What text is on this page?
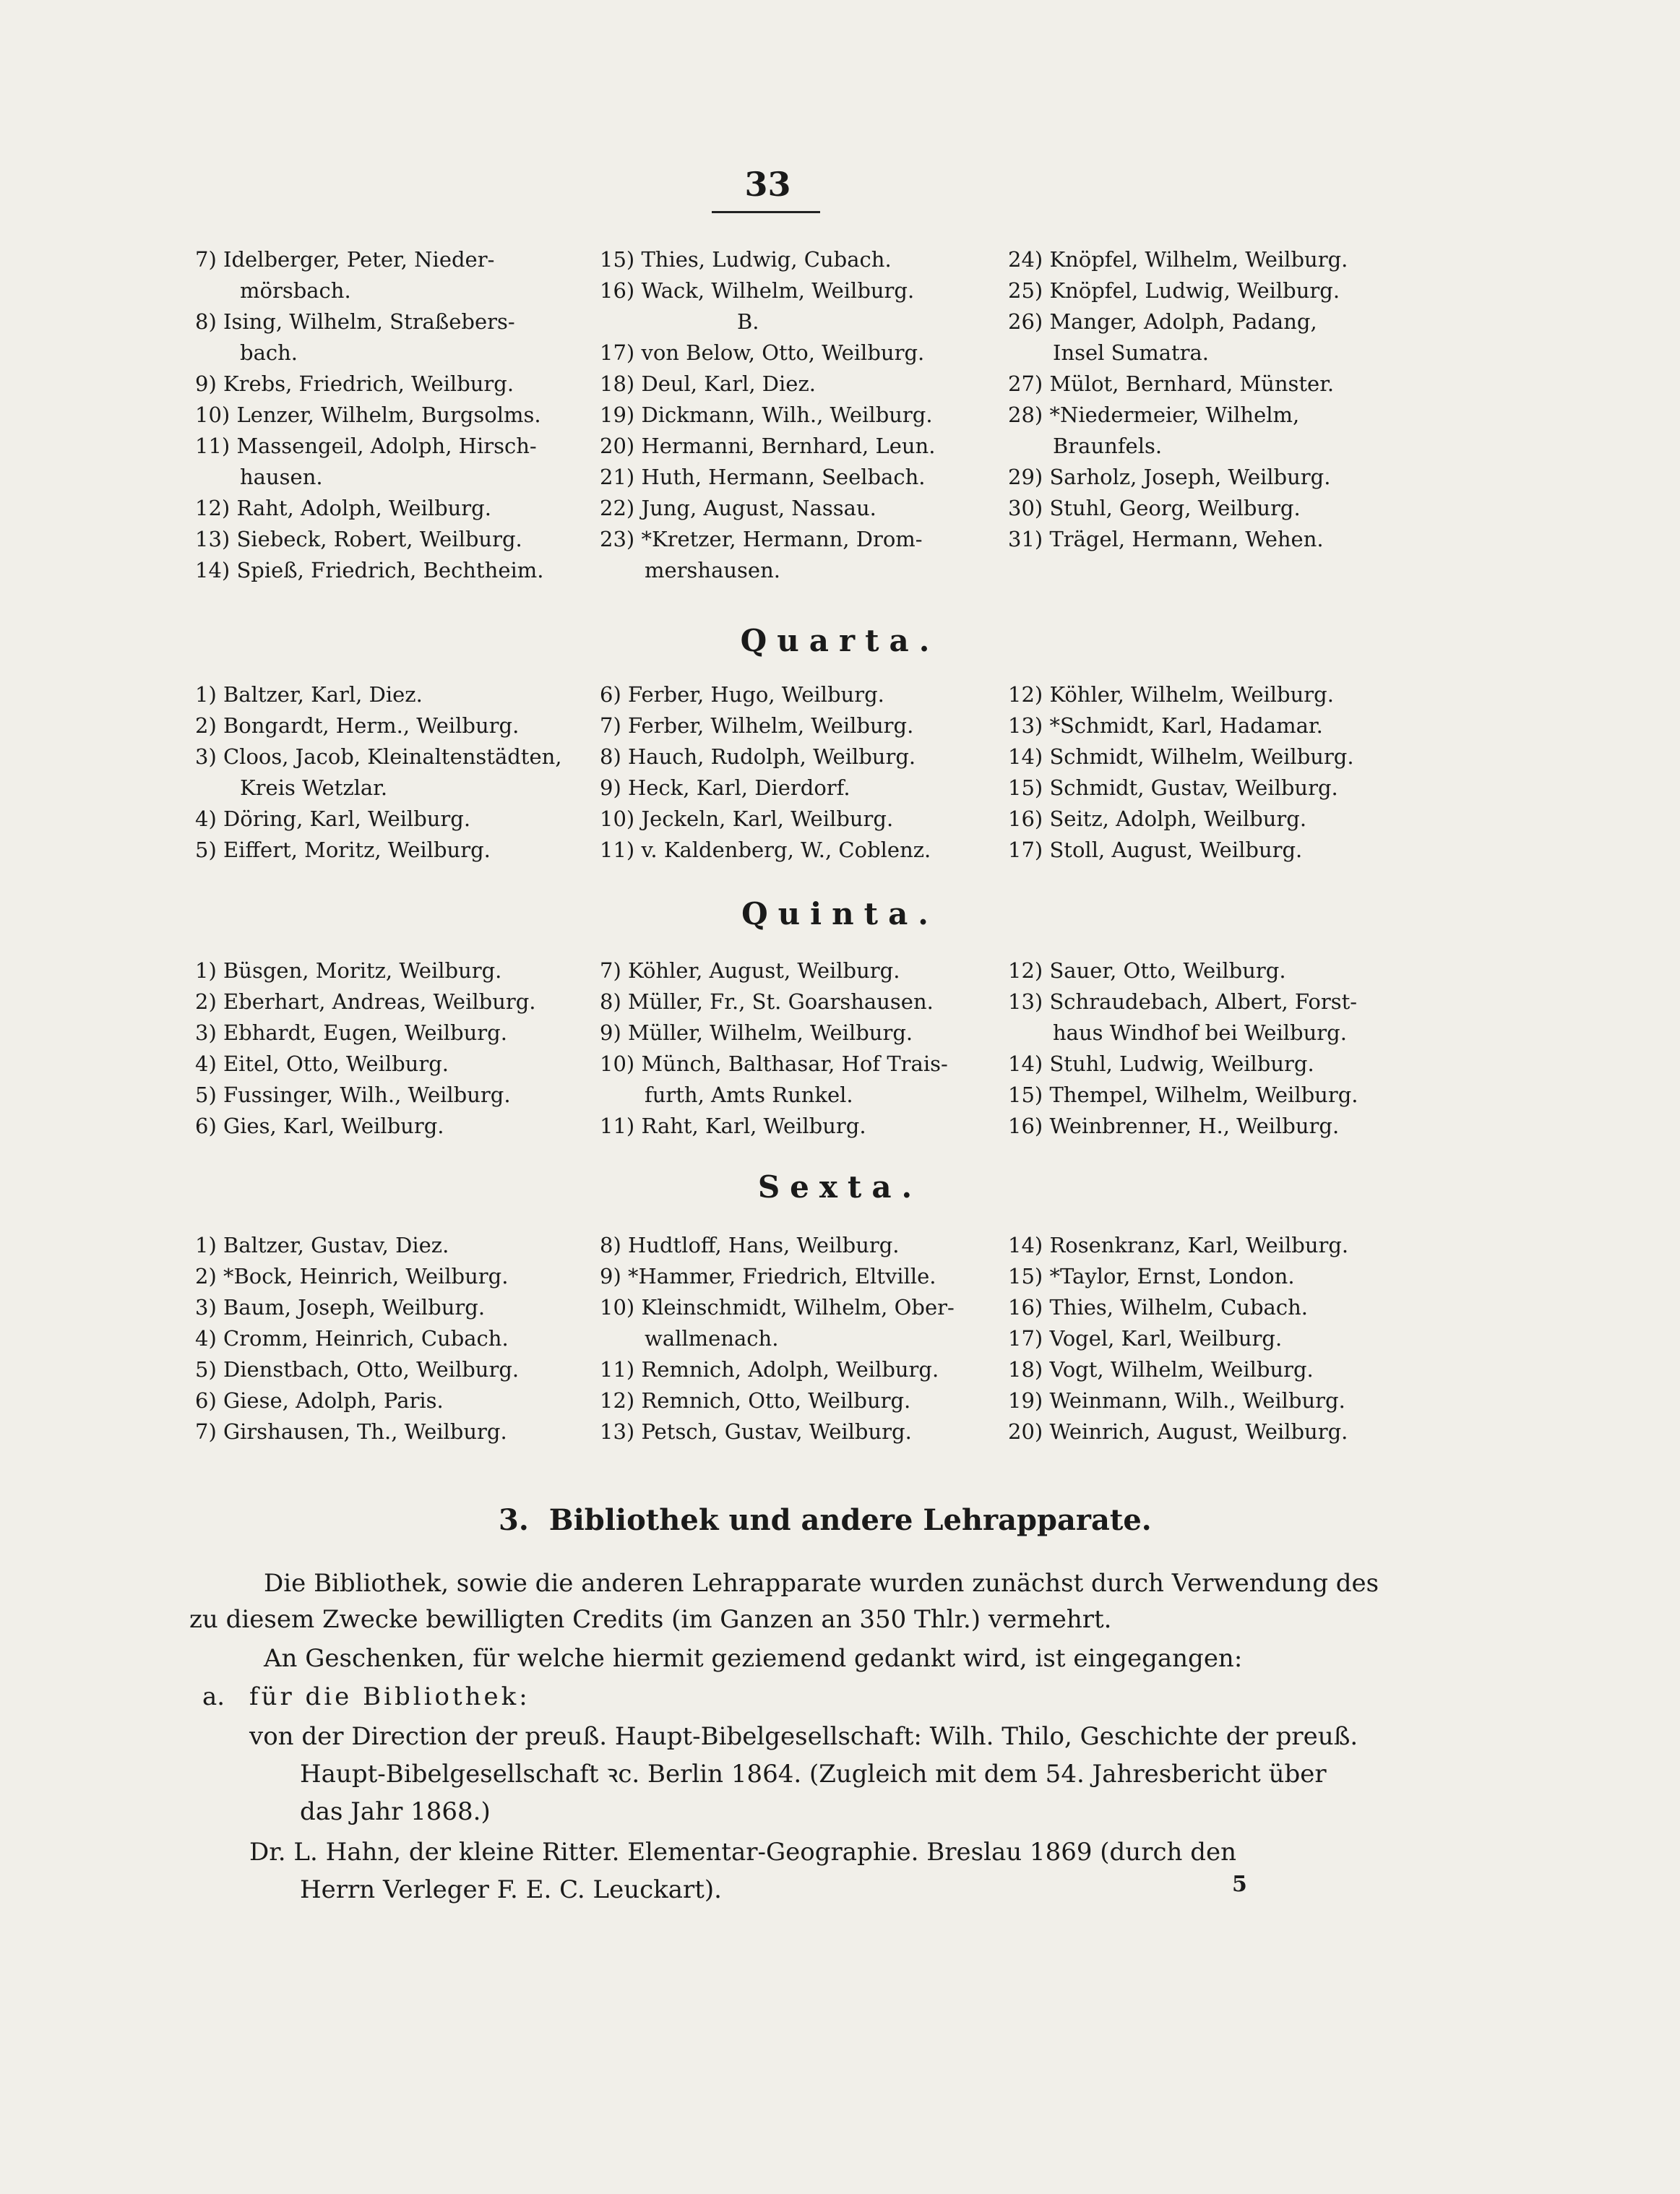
33
7) Idelberger, Peter, Nieder-
mörsbach.
8) Ising, Wilhelm, Straßebers-
bach.
9) Krebs, Friedrich, Weilburg.
10) Lenzer, Wilhelm, Burgsolms.
11) Massengeil, Adolph, Hirsch-
hausen.
12) Raht, Adolph, Weilburg.
13) Siebeck, Robert, Weilburg.
14) Spieß, Friedrich, Bechtheim.
15) Thies, Ludwig, Cubach.
16) Wack, Wilhelm, Weilburg.
B.
17) von Below, Otto, Weilburg.
18) Deul, Karl, Diez.
19) Dickmann, Wilh., Weilburg.
20) Hermanni, Bernhard, Leun.
21) Huth, Hermann, Seelbach.
22) Jung, August, Nassau.
23) *Kretzer, Hermann, Drom-
mershausen.
24) Knöpfel, Wilhelm, Weilburg.
25) Knöpfel, Ludwig, Weilburg.
26) Manger, Adolph, Padang,
Insel Sumatra.
27) Mülot, Bernhard, Münster.
28) *Niedermeier, Wilhelm,
Braunfels.
29) Sarholz, Joseph, Weilburg.
30) Stuhl, Georg, Weilburg.
31) Trägel, Hermann, Wehen.
Quarta.
1) Baltzer, Karl, Diez.
2) Bongardt, Herm., Weilburg.
3) Cloos, Jacob, Kleinaltenstädten,
Kreis Wetzlar.
4) Döring, Karl, Weilburg.
5) Eiffert, Moritz, Weilburg.
6) Ferber, Hugo, Weilburg.
7) Ferber, Wilhelm, Weilburg.
8) Hauch, Rudolph, Weilburg.
9) Heck, Karl, Dierdorf.
10) Jeckeln, Karl, Weilburg.
11) v. Kaldenberg, W., Coblenz.
12) Köhler, Wilhelm, Weilburg.
13) *Schmidt, Karl, Hadamar.
14) Schmidt, Wilhelm, Weilburg.
15) Schmidt, Gustav, Weilburg.
16) Seitz, Adolph, Weilburg.
17) Stoll, August, Weilburg.
Quinta.
1) Büsgen, Moritz, Weilburg.
2) Eberhart, Andreas, Weilburg.
3) Ebhardt, Eugen, Weilburg.
4) Eitel, Otto, Weilburg.
5) Fussinger, Wilh., Weilburg.
6) Gies, Karl, Weilburg.
7) Köhler, August, Weilburg.
8) Müller, Fr., St. Goarshausen.
9) Müller, Wilhelm, Weilburg.
10) Münch, Balthasar, Hof Trais-
furth, Amts Runkel.
11) Raht, Karl, Weilburg.
12) Sauer, Otto, Weilburg.
13) Schraudebach, Albert, Forst-
haus Windhof bei Weilburg.
14) Stuhl, Ludwig, Weilburg.
15) Thempel, Wilhelm, Weilburg.
16) Weinbrenner, H., Weilburg.
Sexta.
1) Baltzer, Gustav, Diez.
2) *Bock, Heinrich, Weilburg.
3) Baum, Joseph, Weilburg.
4) Cromm, Heinrich, Cubach.
5) Dienstbach, Otto, Weilburg.
6) Giese, Adolph, Paris.
7) Girshausen, Th., Weilburg.
8) Hudtloff, Hans, Weilburg.
9) *Hammer, Friedrich, Eltville.
10) Kleinschmidt, Wilhelm, Ober-
wallmenach.
11) Remnich, Adolph, Weilburg.
12) Remnich, Otto, Weilburg.
13) Petsch, Gustav, Weilburg.
14) Rosenkranz, Karl, Weilburg.
15) *Taylor, Ernst, London.
16) Thies, Wilhelm, Cubach.
17) Vogel, Karl, Weilburg.
18) Vogt, Wilhelm, Weilburg.
19) Weinmann, Wilh., Weilburg.
20) Weinrich, August, Weilburg.
3. Bibliothek und andere Lehrapparate.
Die Bibliothek, sowie die anderen Lehrapparate wurden zunächst durch Verwendung des
zu diesem Zwecke bewilligten Credits (im Ganzen an 350 Thlr.) vermehrt.
An Geschenken, für welche hiermit geziemend gedankt wird, ist eingegangen:
a. für die Bibliothek:
von der Direction der preuß. Haupt-Bibelgesellschaft: Wilh. Thilo, Geschichte der preuß.
Haupt-Bibelgesellschaft ꝛc. Berlin 1864. (Zugleich mit dem 54. Jahresbericht über
das Jahr 1868.)
Dr. L. Hahn, der kleine Ritter. Elementar-Geographie. Breslau 1869 (durch den
Herrn Verleger F. E. C. Leuckart).	5
